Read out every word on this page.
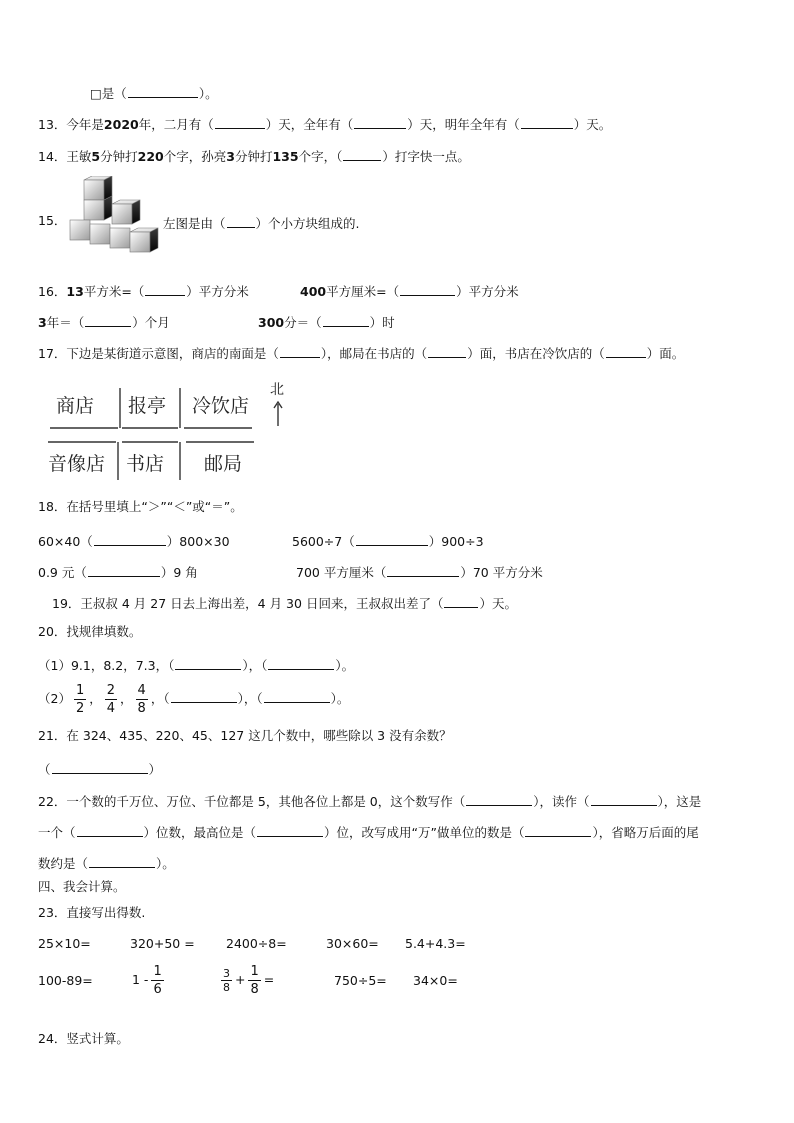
□是（	）。
13．今年是2020年，二月有（	）天，全年有（	）天，明年全年有（	）天。
14．王敏5分钟打220个字，孙亮3分钟打135个字，（	）打字快一点。
15．	左图是由（ ）个小方块组成的.
16．13平方米=（	）平方分米	400平方厘米=（	）平方分米
3年＝（	）个月	300分＝（	）时
17．下边是某街道示意图，商店的南面是（	），邮局在书店的（	）面，书店在冷饮店的（	）面。
商店 报亭 冷饮店
音像店 书店 邮局
北
18．在括号里填上“＞”“＜”或“＝”。
60×40（	）800×30	5600÷7（	）900÷3
0.9 元（	）9 角	700 平方厘米（	）70 平方分米
19．王叔叔 4 月 27 日去上海出差，4 月 30 日回来，王叔叔出差了（	）天。
20．找规律填数。
（1）9.1，8.2，7.3，（	），（	）。
$(2) \frac{1}{2}$ ， $\frac{2}{4}$ ， $\frac{4}{8}$ ，（	），（	）。
21．在 324、435、220、45、127 这几个数中，哪些除以 3 没有余数？
（	）
22．一个数的千万位、万位、千位都是 5，其他各位上都是 0，这个数写作（	），读作（	），这是
一个（	）位数，最高位是（	）位，改写成用“万”做单位的数是（	），省略万后面的尾
数约是（	）。
四、我会计算。
23．直接写出得数.
25×10=	320+50 =	2400÷8=	30×60= 5.4+4.3=
100-89=	$1 - \frac{1}{6}$	$\frac{3}{8} + \frac{1}{8}$ =	750÷5= 34×0=
24．竖式计算。
